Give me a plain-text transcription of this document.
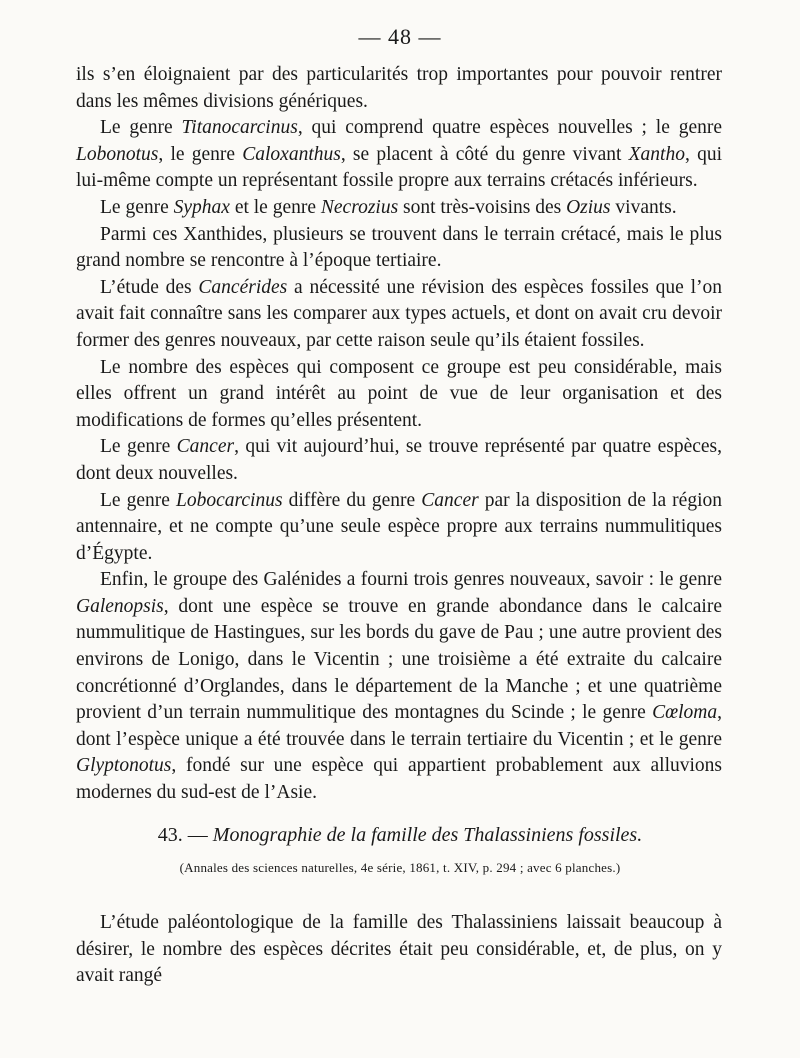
— 48 —

ils s’en éloignaient par des particularités trop importantes pour pouvoir rentrer dans les mêmes divisions génériques.

Le genre Titanocarcinus, qui comprend quatre espèces nouvelles ; le genre Lobonotus, le genre Caloxanthus, se placent à côté du genre vivant Xantho, qui lui-même compte un représentant fossile propre aux terrains crétacés inférieurs.

Le genre Syphax et le genre Necrozius sont très-voisins des Ozius vivants.

Parmi ces Xanthides, plusieurs se trouvent dans le terrain crétacé, mais le plus grand nombre se rencontre à l’époque tertiaire.

L’étude des Cancérides a nécessité une révision des espèces fossiles que l’on avait fait connaître sans les comparer aux types actuels, et dont on avait cru devoir former des genres nouveaux, par cette raison seule qu’ils étaient fossiles.

Le nombre des espèces qui composent ce groupe est peu considérable, mais elles offrent un grand intérêt au point de vue de leur organisation et des modifications de formes qu’elles présentent.

Le genre Cancer, qui vit aujourd’hui, se trouve représenté par quatre espèces, dont deux nouvelles.

Le genre Lobocarcinus diffère du genre Cancer par la disposition de la région antennaire, et ne compte qu’une seule espèce propre aux terrains nummulitiques d’Égypte.

Enfin, le groupe des Galénides a fourni trois genres nouveaux, savoir : le genre Galenopsis, dont une espèce se trouve en grande abondance dans le calcaire nummulitique de Hastingues, sur les bords du gave de Pau ; une autre provient des environs de Lonigo, dans le Vicentin ; une troisième a été extraite du calcaire concrétionné d’Orglandes, dans le département de la Manche ; et une quatrième provient d’un terrain nummulitique des montagnes du Scinde ; le genre Cœloma, dont l’espèce unique a été trouvée dans le terrain tertiaire du Vicentin ; et le genre Glyptonotus, fondé sur une espèce qui appartient probablement aux alluvions modernes du sud-est de l’Asie.

43. — Monographie de la famille des Thalassiniens fossiles.
(Annales des sciences naturelles, 4e série, 1861, t. XIV, p. 294 ; avec 6 planches.)

L’étude paléontologique de la famille des Thalassiniens laissait beaucoup à désirer, le nombre des espèces décrites était peu considérable, et, de plus, on y avait rangé
